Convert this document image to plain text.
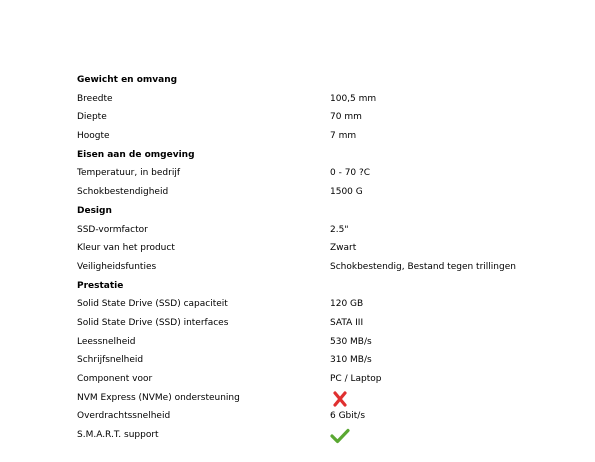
Gewicht en omvang
Breedte	100,5 mm
Diepte	70 mm
Hoogte	7 mm
Eisen aan de omgeving
Temperatuur, in bedrijf	0 - 70 ?C
Schokbestendigheid	1500 G
Design
SSD-vormfactor	2.5"
Kleur van het product	Zwart
Veiligheidsfunties	Schokbestendig, Bestand tegen trillingen
Prestatie
Solid State Drive (SSD) capaciteit	120 GB
Solid State Drive (SSD) interfaces	SATA III
Leessnelheid	530 MB/s
Schrijfsnelheid	310 MB/s
Component voor	PC / Laptop
NVM Express (NVMe) ondersteuning
Overdrachtssnelheid	6 Gbit/s
S.M.A.R.T. support
